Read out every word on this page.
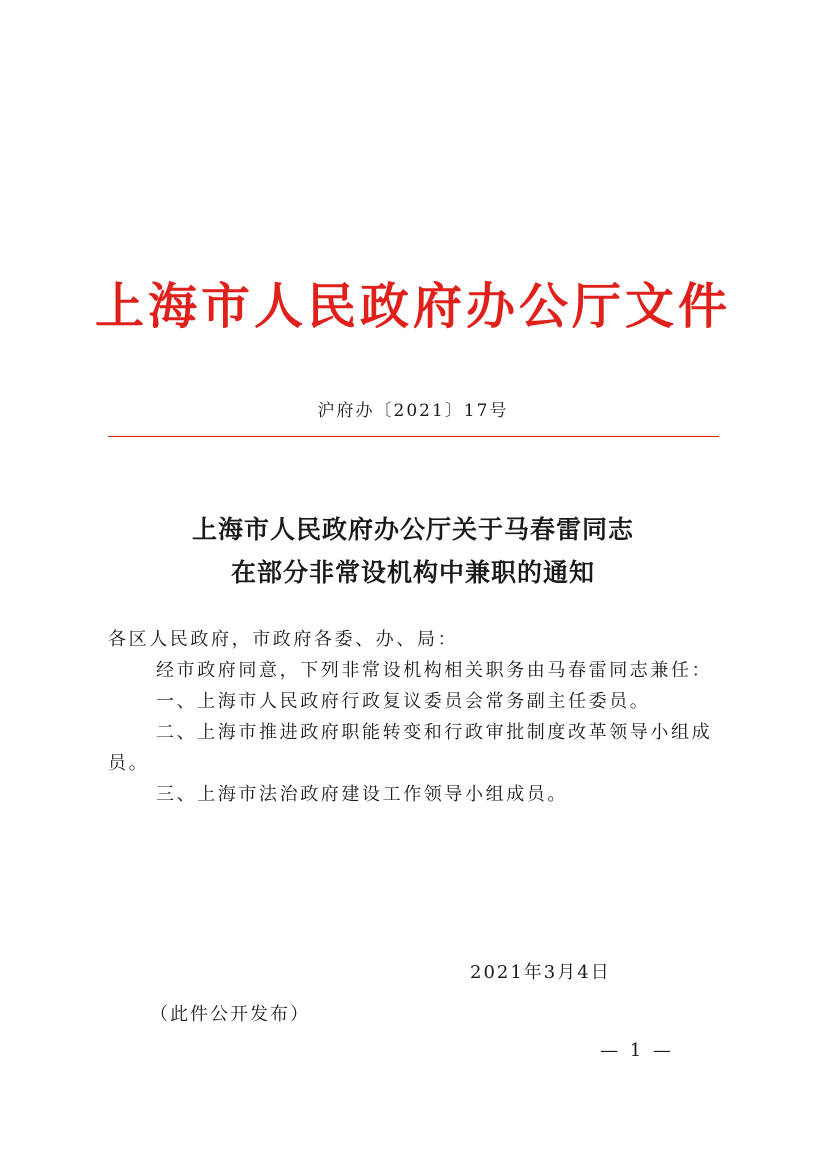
上海市人民政府办公厅文件
沪府办〔2021〕17号
上海市人民政府办公厅关于马春雷同志
在部分非常设机构中兼职的通知

各区人民政府，市政府各委、办、局：

经市政府同意，下列非常设机构相关职务由马春雷同志兼任：

一、上海市人民政府行政复议委员会常务副主任委员。

二、上海市推进政府职能转变和行政审批制度改革领导小组成员。

三、上海市法治政府建设工作领导小组成员。

2021年3月4日
（此件公开发布）
— 1 —
